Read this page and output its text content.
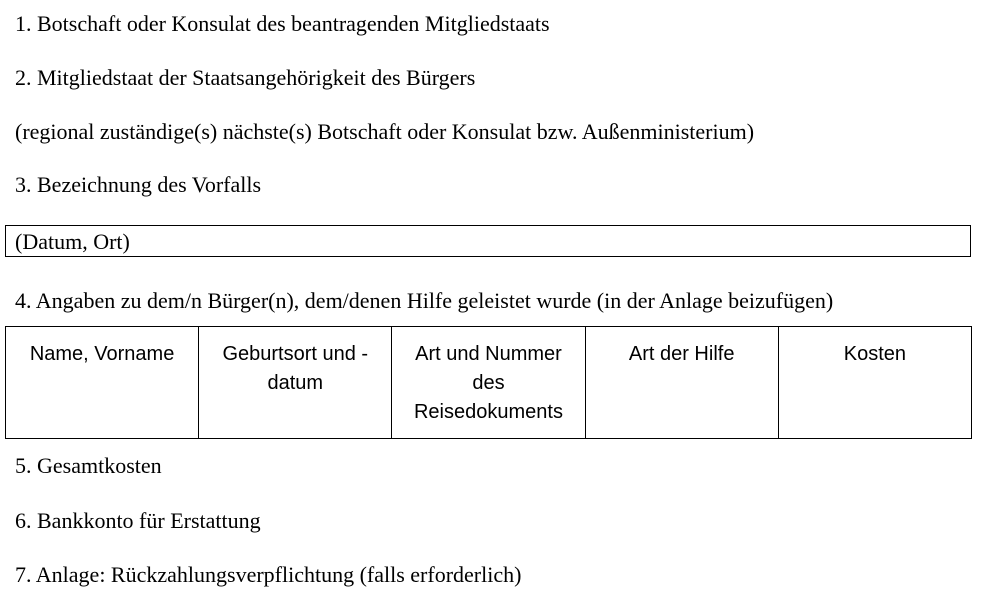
1. Botschaft oder Konsulat des beantragenden Mitgliedstaats
2. Mitgliedstaat der Staatsangehörigkeit des Bürgers
(regional zuständige(s) nächste(s) Botschaft oder Konsulat bzw. Außenministerium)
3. Bezeichnung des Vorfalls
(Datum, Ort)
4. Angaben zu dem/n Bürger(n), dem/denen Hilfe geleistet wurde (in der Anlage beizufügen)
Name, Vorname	Geburtsort und -datum	Art und Nummer des Reisedokuments	Art der Hilfe	Kosten
5. Gesamtkosten
6. Bankkonto für Erstattung
7. Anlage: Rückzahlungsverpflichtung (falls erforderlich)
